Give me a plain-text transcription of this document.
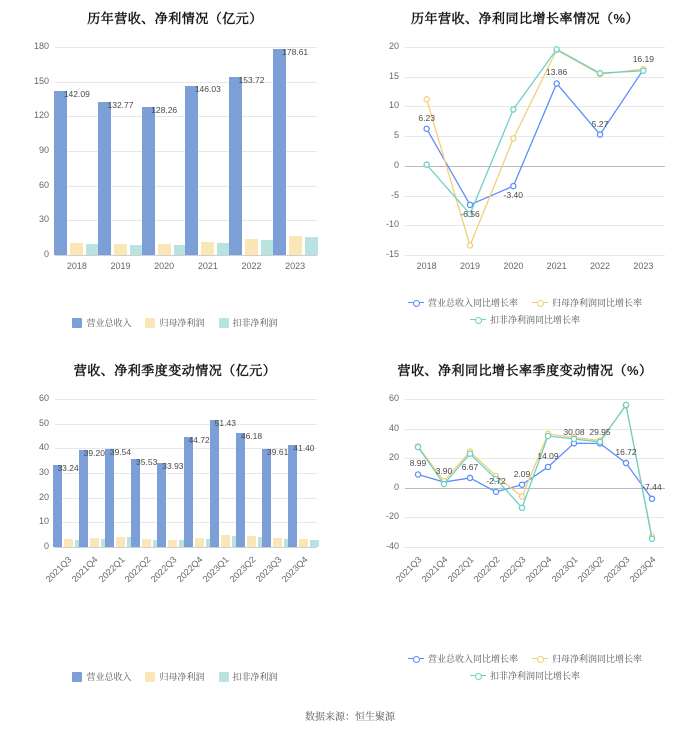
历年营收、净利情况（亿元）
0
30
60
90
120
150
180
142.09
2018
132.77
2019
128.26
2020
146.03
2021
153.72
2022
178.61
2023
营业总收入	归母净利润	扣非净利润
历年营收、净利同比增长率情况（%）
-15
-10
-5
0
5
10
15
20
6.23
-6.56
-3.40
13.86
5.27
16.19
2018	2019	2020	2021	2022	2023
营业总收入同比增长率	归母净利润同比增长率
扣非净利润同比增长率
营收、净利季度变动情况（亿元）
0
10
20
30
40
50
60
33.24
2021Q3
39.20
2021Q4
39.54
2022Q1
35.53
2022Q2
33.93
2022Q3
44.72
2022Q4
51.43
2023Q1
46.18
2023Q2
39.61
2023Q3
41.40
2023Q4
营业总收入	归母净利润	扣非净利润
营收、净利同比增长率季度变动情况（%）
-40
-20
0
20
40
60
8.99
3.90	6.67
-2.72
2.09
14.09
30.08 29.95
16.72
-7.44
2021Q3
2021Q4
2022Q1
2022Q2
2022Q3
2022Q4
2023Q1
2023Q2
2023Q3
2023Q4
营业总收入同比增长率	归母净利润同比增长率
扣非净利润同比增长率
数据来源：恒生聚源
